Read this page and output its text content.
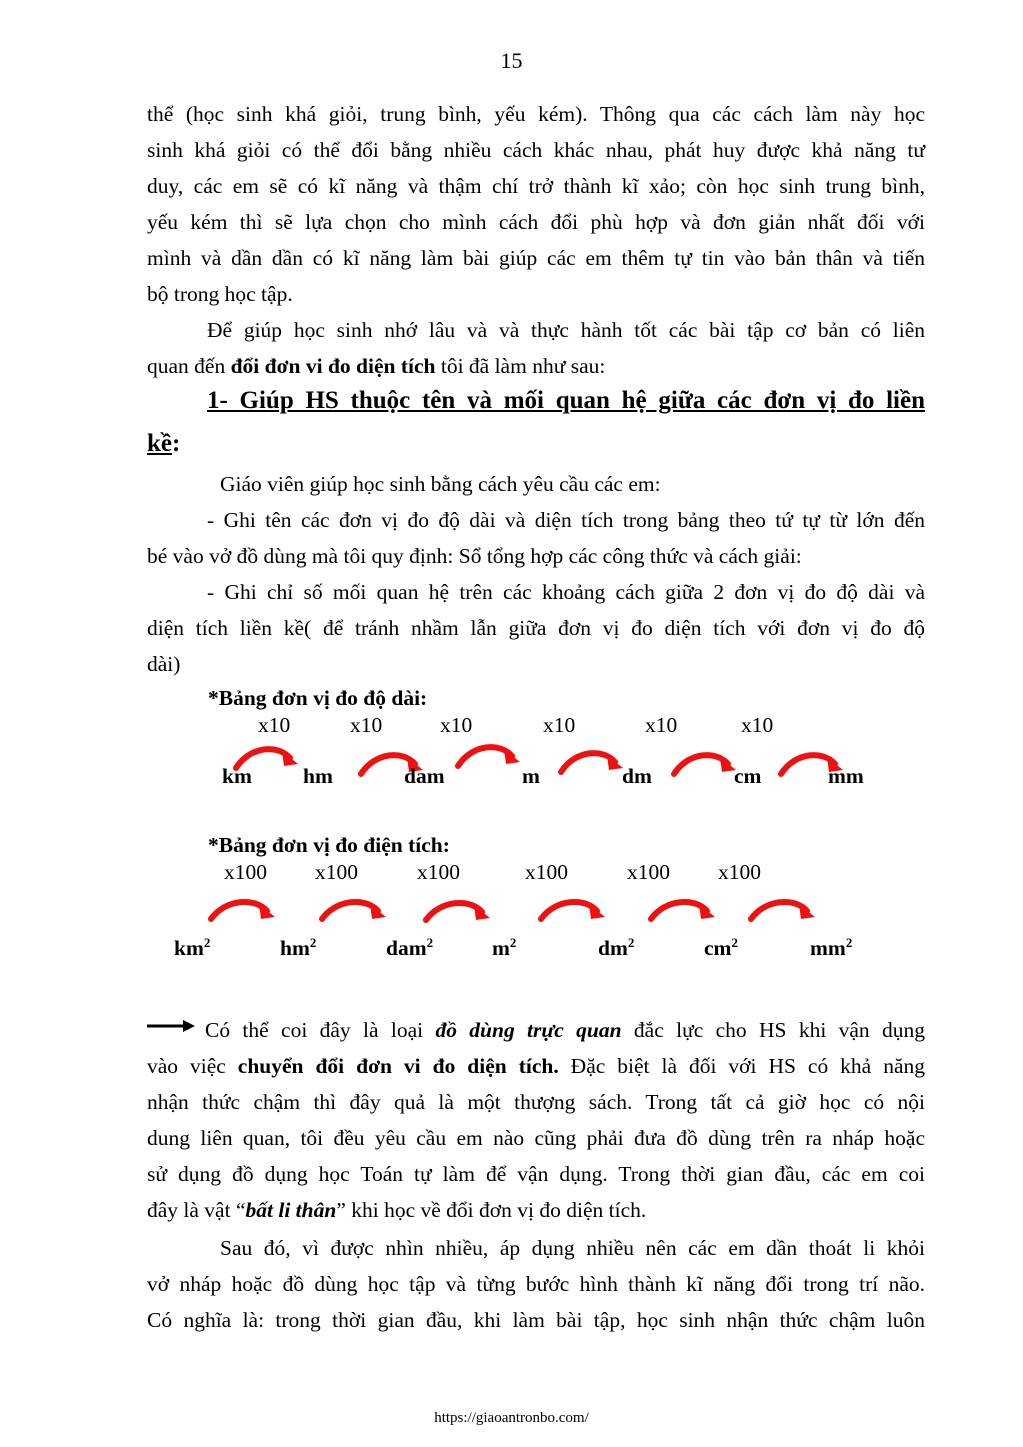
15
thể (học sinh khá giỏi, trung bình, yếu kém). Thông qua các cách làm này học
sinh khá giỏi có thể đổi bằng nhiều cách khác nhau, phát huy được khả năng tư
duy, các em sẽ có kĩ năng và thậm chí trở thành kĩ xảo; còn học sinh trung bình,
yếu kém thì sẽ lựa chọn cho mình cách đổi phù hợp và đơn giản nhất đối với
mình và dần dần có kĩ năng làm bài giúp các em thêm tự tin vào bản thân và tiến
bộ trong học tập.
Để giúp học sinh nhớ lâu và và thực hành tốt các bài tập cơ bản có liên
quan đến đổi đơn vi đo diện tích tôi đã làm như sau:
1- Giúp HS thuộc tên và mối quan hệ giữa các đơn vị đo liền
kề:
Giáo viên giúp học sinh bằng cách yêu cầu các em:
- Ghi tên các đơn vị đo độ dài và diện tích trong bảng theo tứ tự từ lớn đến
bé vào vở đồ dùng mà tôi quy định: Sổ tổng hợp các công thức và cách giải:
- Ghi chỉ số mối quan hệ trên các khoảng cách giữa 2 đơn vị đo độ dài và
diện tích liền kề( để tránh nhầm lẫn giữa đơn vị đo diện tích với đơn vị đo độ
dài)
*Bảng đơn vị đo độ dài:
x10	x10	x10	x10	x10	x10
km hm	dam	m	dm	cm	mm
*Bảng đơn vị đo điện tích:
x100 x100	x100	x100	x100 x100
$km^2$	$hm^2$	dam$^2$	$m^2$	$dm^2$	$cm^2$	$mm^2$
Có thể coi đây là loại đồ dùng trực quan đắc lực cho HS khi vận dụng
vào việc chuyển đổi đơn vi đo diện tích. Đặc biệt là đối với HS có khả năng
nhận thức chậm thì đây quả là một thượng sách. Trong tất cả giờ học có nội
dung liên quan, tôi đều yêu cầu em nào cũng phải đưa đồ dùng trên ra nháp hoặc
sử dụng đồ dụng học Toán tự làm để vận dụng. Trong thời gian đầu, các em coi
đây là vật “bất li thân” khi học về đổi đơn vị đo diện tích.
Sau đó, vì được nhìn nhiều, áp dụng nhiều nên các em dần thoát li khỏi
vở nháp hoặc đồ dùng học tập và từng bước hình thành kĩ năng đổi trong trí não.
Có nghĩa là: trong thời gian đầu, khi làm bài tập, học sinh nhận thức chậm luôn
https://giaoantronbo.com/
